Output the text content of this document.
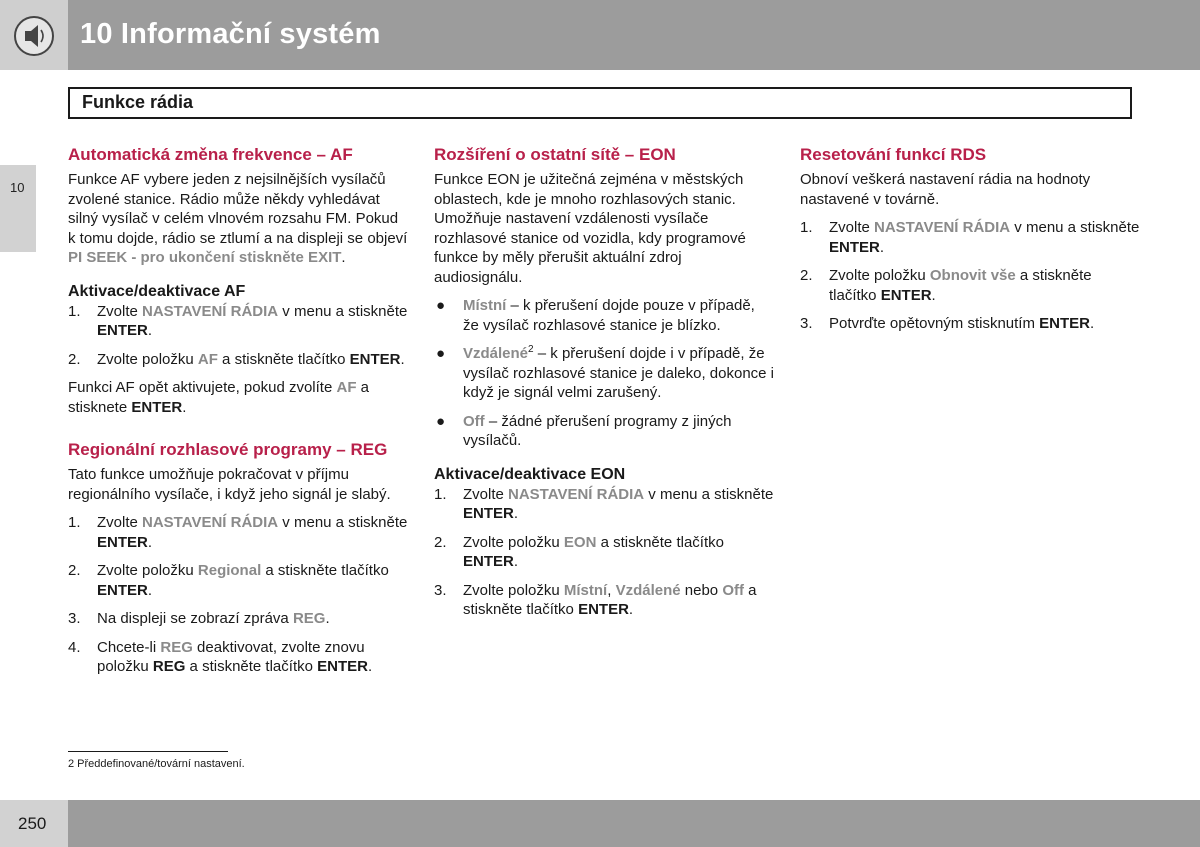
10 Informační systém
Funkce rádia
10
Automatická změna frekvence – AF

Funkce AF vybere jeden z nejsilnějších vysílačů zvolené stanice. Rádio může někdy vyhledávat silný vysílač v celém vlnovém rozsahu FM. Pokud k tomu dojde, rádio se ztlumí a na displeji se objeví PI SEEK - pro ukončení stiskněte EXIT.

Aktivace/deaktivace AF
1. Zvolte NASTAVENÍ RÁDIA v menu a stiskněte ENTER.
2. Zvolte položku AF a stiskněte tlačítko ENTER.

Funkci AF opět aktivujete, pokud zvolíte AF a stisknete ENTER.

Regionální rozhlasové programy – REG

Tato funkce umožňuje pokračovat v příjmu regionálního vysílače, i když jeho signál je slabý.

1. Zvolte NASTAVENÍ RÁDIA v menu a stiskněte ENTER.
2. Zvolte položku Regional a stiskněte tlačítko ENTER.
3. Na displeji se zobrazí zpráva REG.
4. Chcete-li REG deaktivovat, zvolte znovu položku REG a stiskněte tlačítko ENTER.
Rozšíření o ostatní sítě – EON

Funkce EON je užitečná zejména v městských oblastech, kde je mnoho rozhlasových stanic. Umožňuje nastavení vzdálenosti vysílače rozhlasové stanice od vozidla, kdy programové funkce by měly přerušit aktuální zdroj audiosignálu.

● Místní – k přerušení dojde pouze v případě, že vysílač rozhlasové stanice je blízko.
● Vzdálené$^2$ – k přerušení dojde i v případě, že vysílač rozhlasové stanice je daleko, dokonce i když je signál velmi zarušený.
● Off – žádné přerušení programy z jiných vysílačů.
Aktivace/deaktivace EON
1. Zvolte NASTAVENÍ RÁDIA v menu a stiskněte ENTER.
2. Zvolte položku EON a stiskněte tlačítko ENTER.
3. Zvolte položku Místní, Vzdálené nebo Off a stiskněte tlačítko ENTER.
Resetování funkcí RDS

Obnoví veškerá nastavení rádia na hodnoty nastavené v továrně.

1. Zvolte NASTAVENÍ RÁDIA v menu a stiskněte ENTER.
2. Zvolte položku Obnovit vše a stiskněte tlačítko ENTER.
3. Potvrďte opětovným stisknutím ENTER.
2 Předdefinované/tovární nastavení.
250
